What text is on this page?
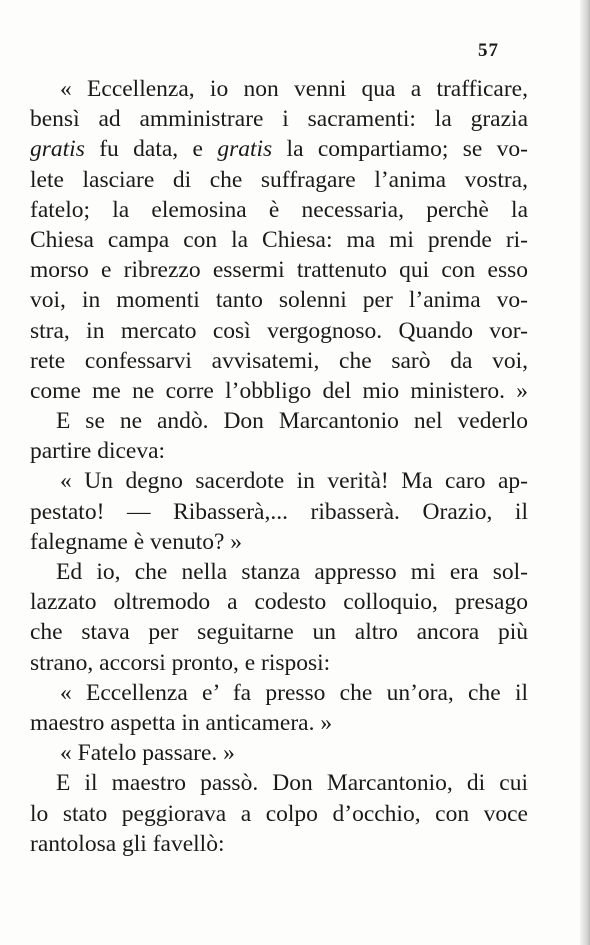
57
« Eccellenza, io non venni qua a trafficare,
bensì ad amministrare i sacramenti: la grazia
gratis fu data, e gratis la compartiamo; se vo-
lete lasciare di che suffragare l’anima vostra,
fatelo; la elemosina è necessaria, perchè la
Chiesa campa con la Chiesa: ma mi prende ri-
morso e ribrezzo essermi trattenuto qui con esso
voi, in momenti tanto solenni per l’anima vo-
stra, in mercato così vergognoso. Quando vor-
rete confessarvi avvisatemi, che sarò da voi,
come me ne corre l’obbligo del mio ministero. »
E se ne andò. Don Marcantonio nel vederlo
partire diceva:
« Un degno sacerdote in verità! Ma caro ap-
pestato! — Ribasserà,... ribasserà. Orazio, il
falegname è venuto? »
Ed io, che nella stanza appresso mi era sol-
lazzato oltremodo a codesto colloquio, presago
che stava per seguitarne un altro ancora più
strano, accorsi pronto, e risposi:
« Eccellenza e’ fa presso che un’ora, che il
maestro aspetta in anticamera. »
« Fatelo passare. »
E il maestro passò. Don Marcantonio, di cui
lo stato peggiorava a colpo d’occhio, con voce
rantolosa gli favellò:
